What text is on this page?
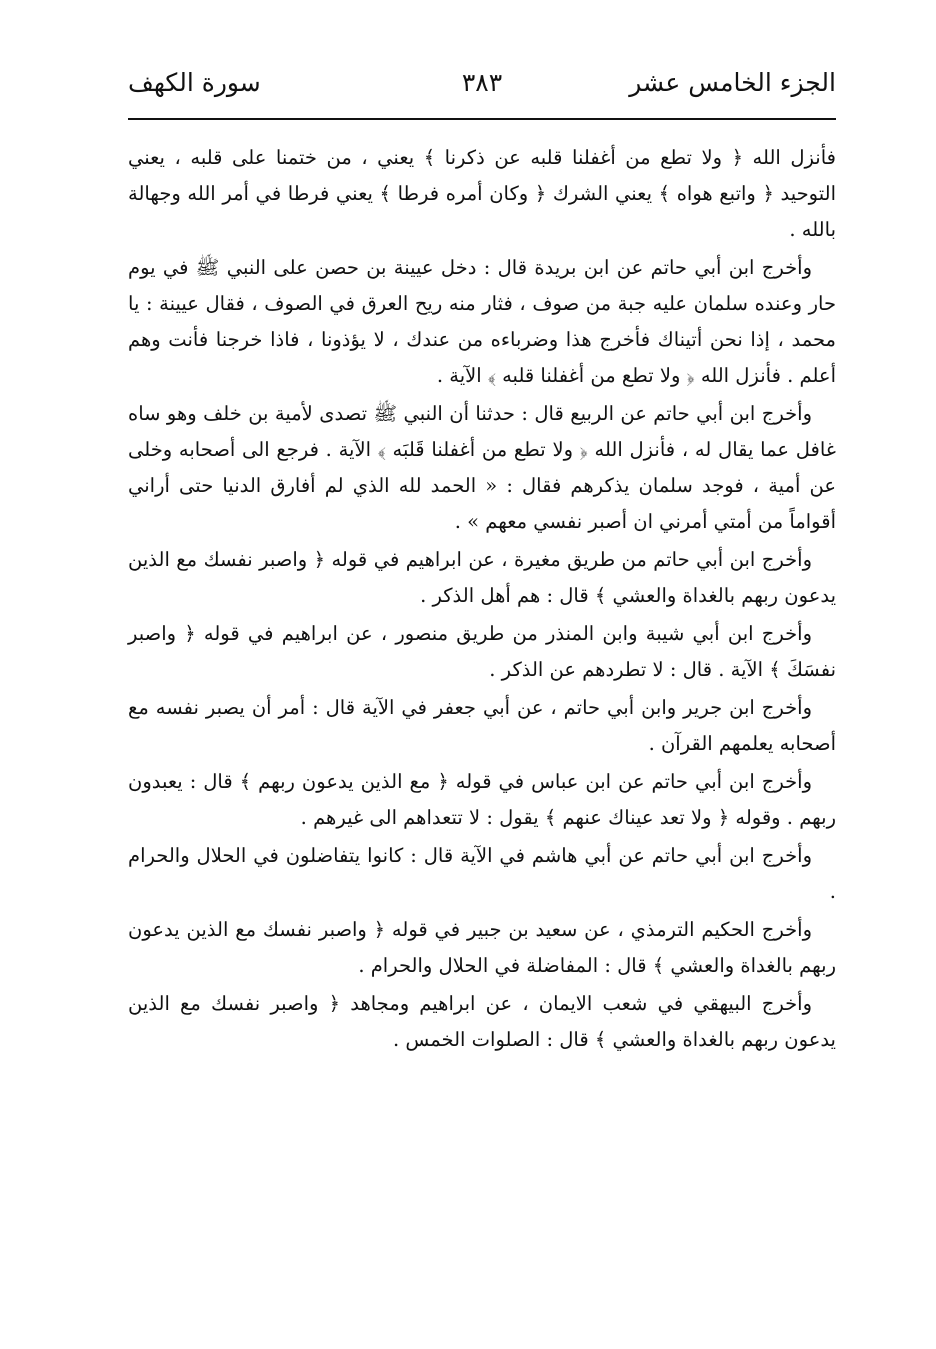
الجزء الخامس عشر
٣٨٣
سورة الكهف

فأنزل الله ﴿ ولا تطع من أغفلنا قلبه عن ذكرنا ﴾ يعني ، من ختمنا على قلبه ، يعني التوحيد ﴿ واتبع هواه ﴾ يعني الشرك ﴿ وكان أمره فرطا ﴾ يعني فرطا في أمر الله وجهالة بالله .

وأخرج ابن أبي حاتم عن ابن بريدة قال : دخل عيينة بن حصن على النبي ﷺ في يوم حار وعنده سلمان عليه جبة من صوف ، فثار منه ريح العرق في الصوف ، فقال عيينة : يا محمد ، إذا نحن أتيناك فأخرج هذا وضرباءه من عندك ، لا يؤذونا ، فاذا خرجنا فأنت وهم أعلم . فأنزل الله ﴿ ولا تطع من أغفلنا قلبه ﴾ الآية .

وأخرج ابن أبي حاتم عن الربيع قال : حدثنا أن النبي ﷺ تصدى لأمية بن خلف وهو ساه غافل عما يقال له ، فأنزل الله ﴿ ولا تطع من أغفلنا قَلبَه ﴾ الآية . فرجع الى أصحابه وخلى عن أمية ، فوجد سلمان يذكرهم فقال : « الحمد لله الذي لم أفارق الدنيا حتى أراني أقواماً من أمتي أمرني ان أصبر نفسي معهم » .

وأخرج ابن أبي حاتم من طريق مغيرة ، عن ابراهيم في قوله ﴿ واصبر نفسك مع الذين يدعون ربهم بالغداة والعشي ﴾ قال : هم أهل الذكر .

وأخرج ابن أبي شيبة وابن المنذر من طريق منصور ، عن ابراهيم في قوله ﴿ واصبر نفسَكَ ﴾ الآية . قال : لا تطردهم عن الذكر .

وأخرج ابن جرير وابن أبي حاتم ، عن أبي جعفر في الآية قال : أمر أن يصبر نفسه مع أصحابه يعلمهم القرآن .

وأخرج ابن أبي حاتم عن ابن عباس في قوله ﴿ مع الذين يدعون ربهم ﴾ قال : يعبدون ربهم . وقوله ﴿ ولا تعد عيناك عنهم ﴾ يقول : لا تتعداهم الى غيرهم .

وأخرج ابن أبي حاتم عن أبي هاشم في الآية قال : كانوا يتفاضلون في الحلال والحرام .

وأخرج الحكيم الترمذي ، عن سعيد بن جبير في قوله ﴿ واصبر نفسك مع الذين يدعون ربهم بالغداة والعشي ﴾ قال : المفاضلة في الحلال والحرام .

وأخرج البيهقي في شعب الايمان ، عن ابراهيم ومجاهد ﴿ واصبر نفسك مع الذين يدعون ربهم بالغداة والعشي ﴾ قال : الصلوات الخمس .
